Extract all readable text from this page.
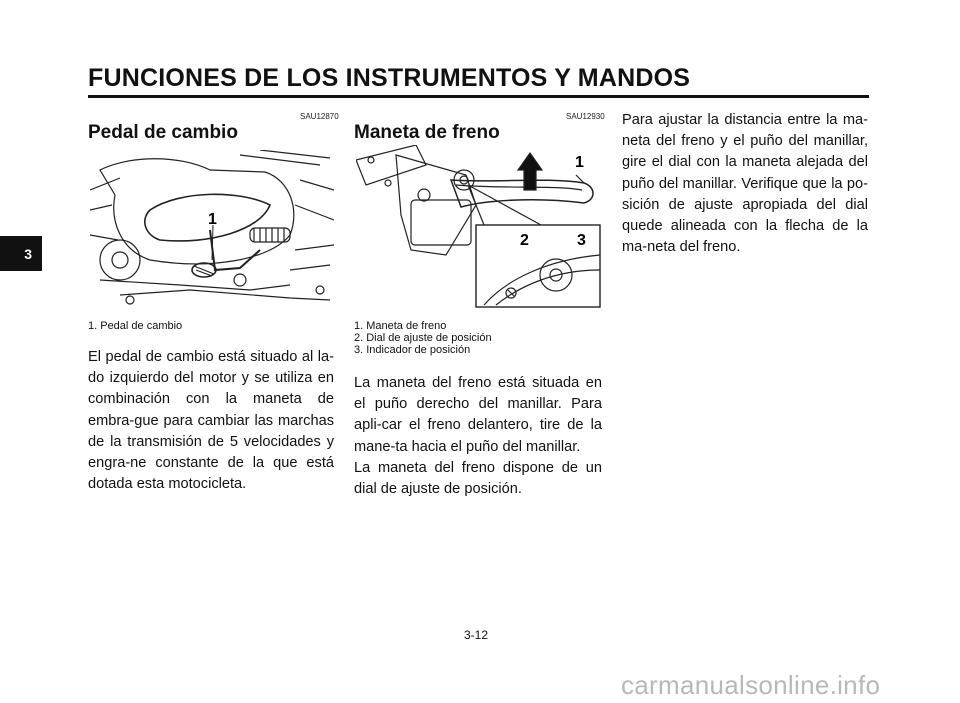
FUNCIONES DE LOS INSTRUMENTOS Y MANDOS
3
SAU12870
Pedal de cambio
1
1. Pedal de cambio

El pedal de cambio está situado al la-do izquierdo del motor y se utiliza en combinación con la maneta de embra-gue para cambiar las marchas de la transmisión de 5 velocidades y engra-ne constante de la que está dotada esta motocicleta.

SAU12930
Maneta de freno
1
2	3
1. Maneta de freno
2. Dial de ajuste de posición
3. Indicador de posición

La maneta del freno está situada en el puño derecho del manillar. Para apli-car el freno delantero, tire de la mane-ta hacia el puño del manillar.

La maneta del freno dispone de un dial de ajuste de posición.

Para ajustar la distancia entre la ma-neta del freno y el puño del manillar, gire el dial con la maneta alejada del puño del manillar. Verifique que la po-sición de ajuste apropiada del dial quede alineada con la flecha de la ma-neta del freno.

3-12
carmanualsonline.info
